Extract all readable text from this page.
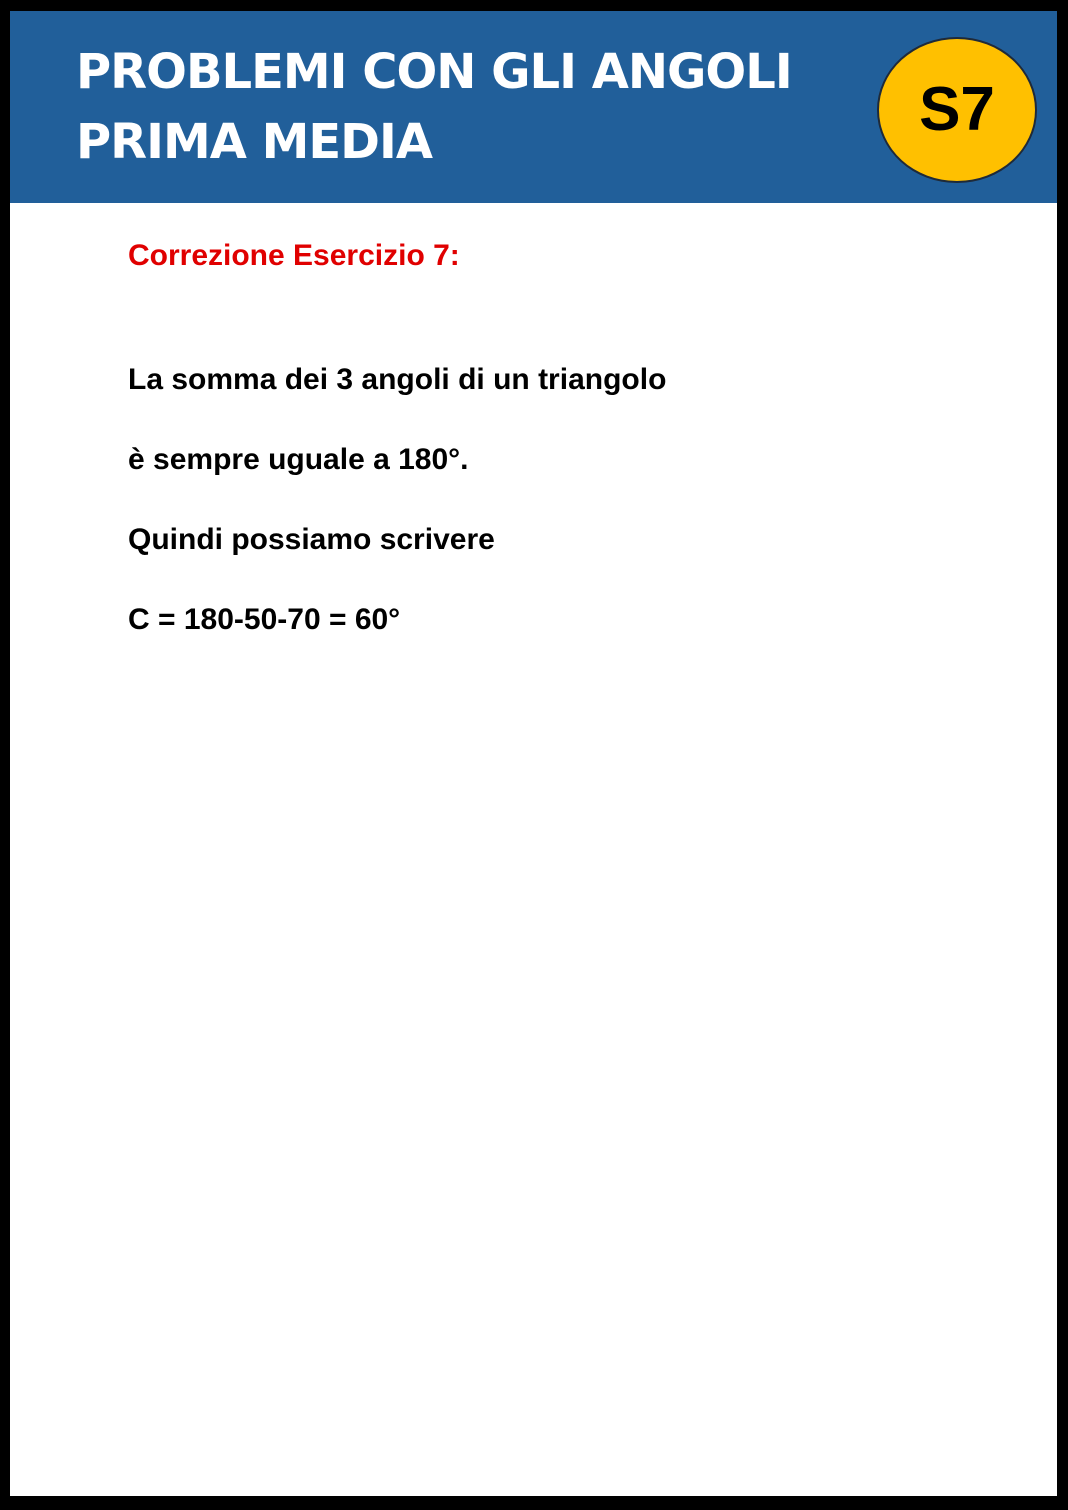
PROBLEMI CON GLI ANGOLI
PRIMA MEDIA	S7
Correzione Esercizio 7:
La somma dei 3 angoli di un triangolo
è sempre uguale a 180°.
Quindi possiamo scrivere
C = 180-50-70 = 60°
